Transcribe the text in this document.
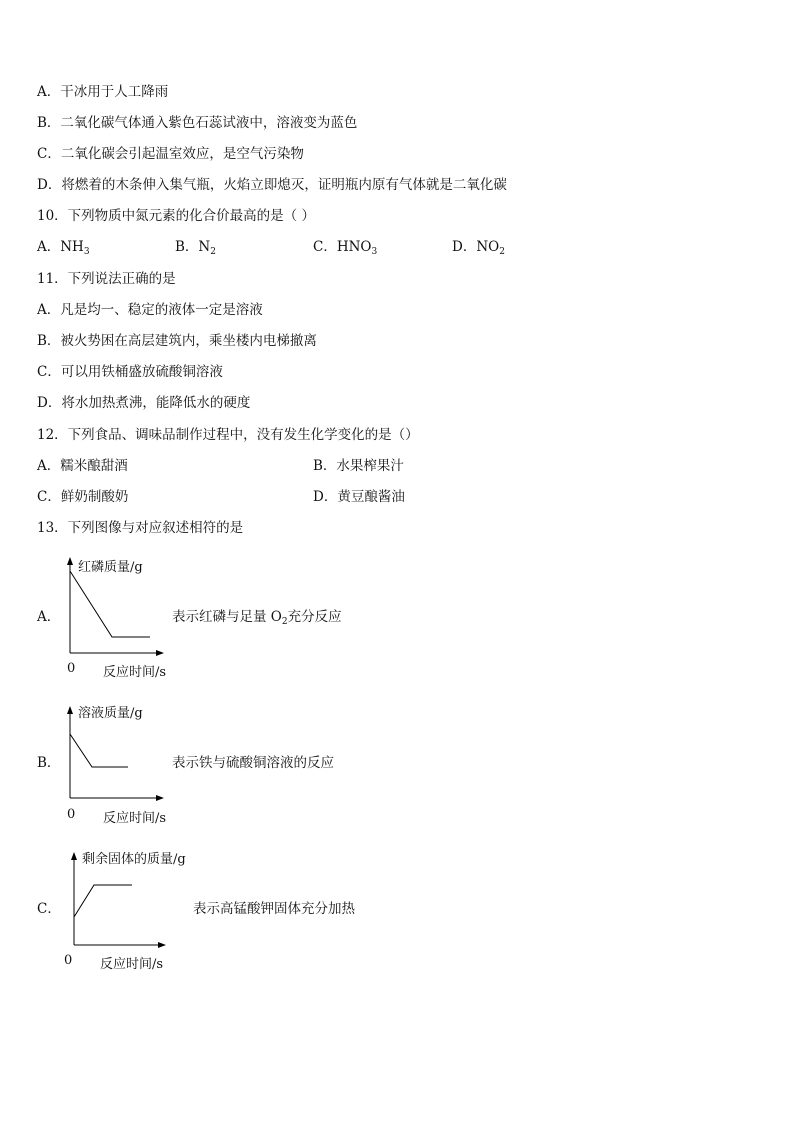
A．干冰用于人工降雨
B．二氧化碳气体通入紫色石蕊试液中，溶液变为蓝色
C．二氧化碳会引起温室效应，是空气污染物
D．将燃着的木条伸入集气瓶，火焰立即熄灭，证明瓶内原有气体就是二氧化碳
10．下列物质中氮元素的化合价最高的是（ ）
A．$NH_3$	B．$N_2$	C．$HNO_3$	D．$NO_2$
11．下列说法正确的是
A．凡是均一、稳定的液体一定是溶液
B．被火势困在高层建筑内，乘坐楼内电梯撤离
C．可以用铁桶盛放硫酸铜溶液
D．将水加热煮沸，能降低水的硬度
12．下列食品、调味品制作过程中，没有发生化学变化的是（）
A．糯米酿甜酒	B．水果榨果汁
C．鲜奶制酸奶	D．黄豆酿酱油
13．下列图像与对应叙述相符的是
A．
红磷质量/g
0 反应时间/s
表示红磷与足量 $O_2$充分反应
B．
溶液质量/g
0 反应时间/s
表示铁与硫酸铜溶液的反应
C．
剩余固体的质量/g
0 反应时间/s
表示高锰酸钾固体充分加热
